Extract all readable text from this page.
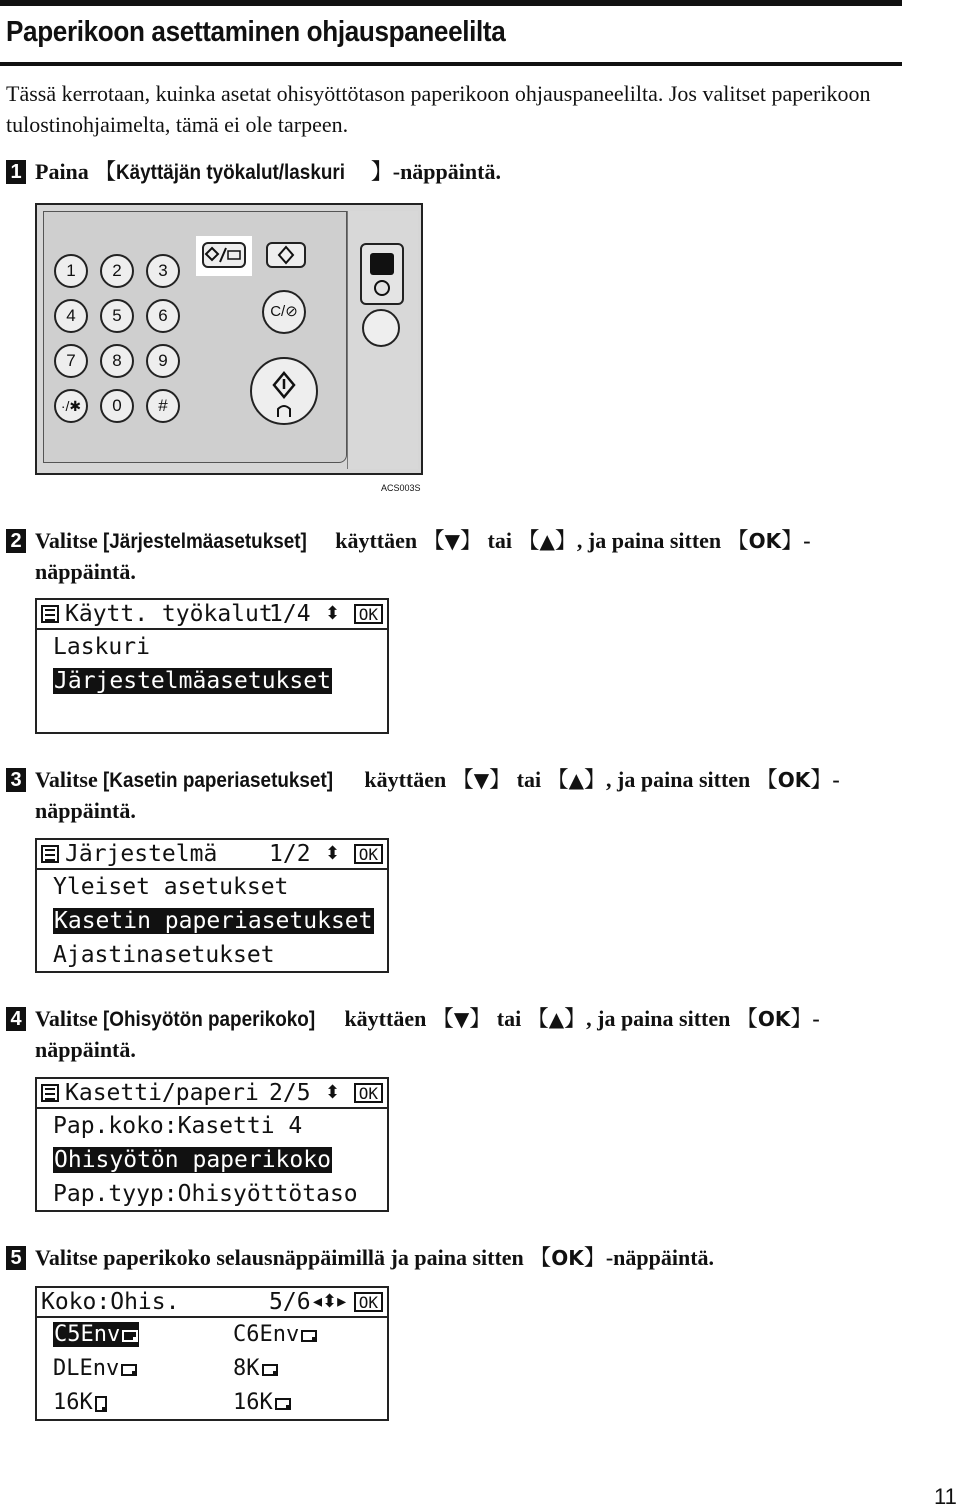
Paperikoon asettaminen ohjauspaneelilta
Tässä kerrotaan, kuinka asetat ohisyöttötason paperikoon ohjauspaneelilta. Jos valitset paperikoon tulostinohjaimelta, tämä ei ole tarpeen.
1 Paina 【Käyttäjän työkalut/laskuri 】-näppäintä.
1	2	3
4	5	6
7	8	9
·/✱	0	#
C/⊘
ACS003S
2 Valitse [Järjestelmäasetukset] käyttäen 【▼】 tai 【▲】, ja paina sitten 【OK】-näppäintä.
Käytt. työkalut
1/4 ⬍	OK
Laskuri
Järjestelmäasetukset
3 Valitse [Kasetin paperiasetukset] käyttäen 【▼】 tai 【▲】, ja paina sitten 【OK】-näppäintä.
Järjestelmä 1/2 ⬍	OK
Yleiset asetukset
Kasetin paperiasetukset
Ajastinasetukset
4 Valitse [Ohisyötön paperikoko] käyttäen 【▼】 tai 【▲】, ja paina sitten 【OK】-näppäintä.
Kasetti/paperi 2/5 ⬍	OK
Pap.koko:Kasetti 4
Ohisyötön paperikoko
Pap.tyyp:Ohisyöttötaso
5 Valitse paperikoko selausnäppäimillä ja paina sitten 【OK】-näppäintä.
Koko:Ohis.	5/6 ◂⬍▸ OK
C5Env	C6Env
DLEnv	8K
16K	16K
11
